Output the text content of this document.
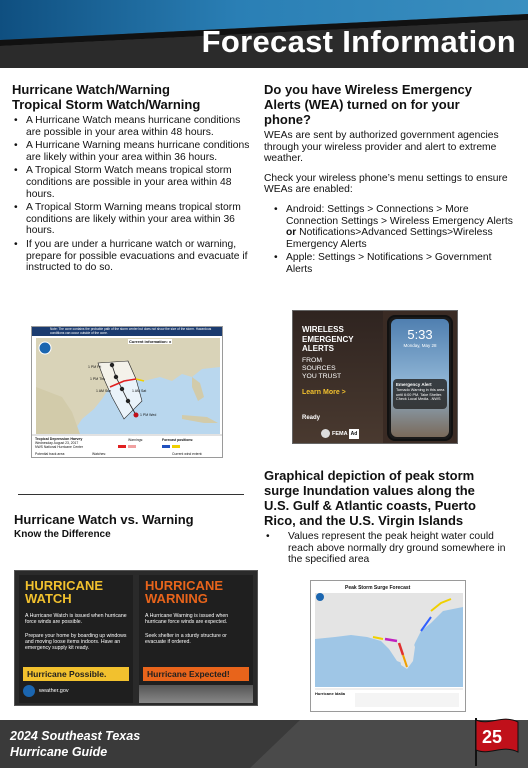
Forecast Information
Hurricane Watch/Warning
Tropical Storm Watch/Warning
• A Hurricane Watch means hurricane conditions are possible in your area within 48 hours.
• A Hurricane Warning means hurricane conditions are likely within your area within 36 hours.
• A Tropical Storm Watch means tropical storm conditions are possible in your area within 48 hours.
• A Tropical Storm Warning means tropical storm conditions are likely within your area within 36 hours.
• If you are under a hurricane watch or warning, prepare for possible evacuations and evacuate if instructed to do so.
Note: The cone contains the probable path of the storm center but does not show the size of the storm. Hazardous conditions can occur outside of the cone.
Current information: x
1 PM Thu
1 PM Fri
1 AM Sat
1 AM Sun
1 PM Wed
Tropical Depression Harvey
Wednesday August 23, 2017
NWS National Hurricane Center
Potential track area:	Watches:
Warnings:	Forecast positions:
Current wind extent:
Hurricane Watch vs. Warning
Know the Difference
HURRICANE
WATCH
A Hurricane Watch is issued when hurricane force winds are possible.
Prepare your home by boarding up windows and moving loose items indoors. Have an emergency supply kit ready.
Hurricane Possible.
weather.gov
HURRICANE
WARNING
A Hurricane Warning is issued when hurricane force winds are expected.
Seek shelter in a sturdy structure or evacuate if ordered.
Hurricane Expected!
Do you have Wireless Emergency
Alerts (WEA) turned on for your
phone?

WEAs are sent by authorized government agencies through your wireless provider and alert to extreme weather.

Check your wireless phone’s menu settings to ensure WEAs are enabled:

• Android: Settings > Connections > More Connection Settings > Wireless Emergency Alerts or Notifications>Advanced Settings>Wireless Emergency Alerts
• Apple: Settings > Notifications > Government Alerts
WIRELESS
EMERGENCY
ALERTS
FROM
SOURCES
YOU TRUST
Learn More >
Ready
FEMA Ad
5:33
Monday, May 28
Emergency Alert
Tornado Warning in this area until 6:00 PM. Take Shelter. Check Local Media. -NWS
Graphical depiction of peak storm
surge Inundation values along the
U.S. Gulf & Atlantic coasts, Puerto
Rico, and the U.S. Virgin Islands
• Values represent the peak height water could reach above normally dry ground somewhere in the specified area
Peak Storm Surge Forecast
Hurricane Idalia
2024 Southeast Texas
Hurricane Guide
25
